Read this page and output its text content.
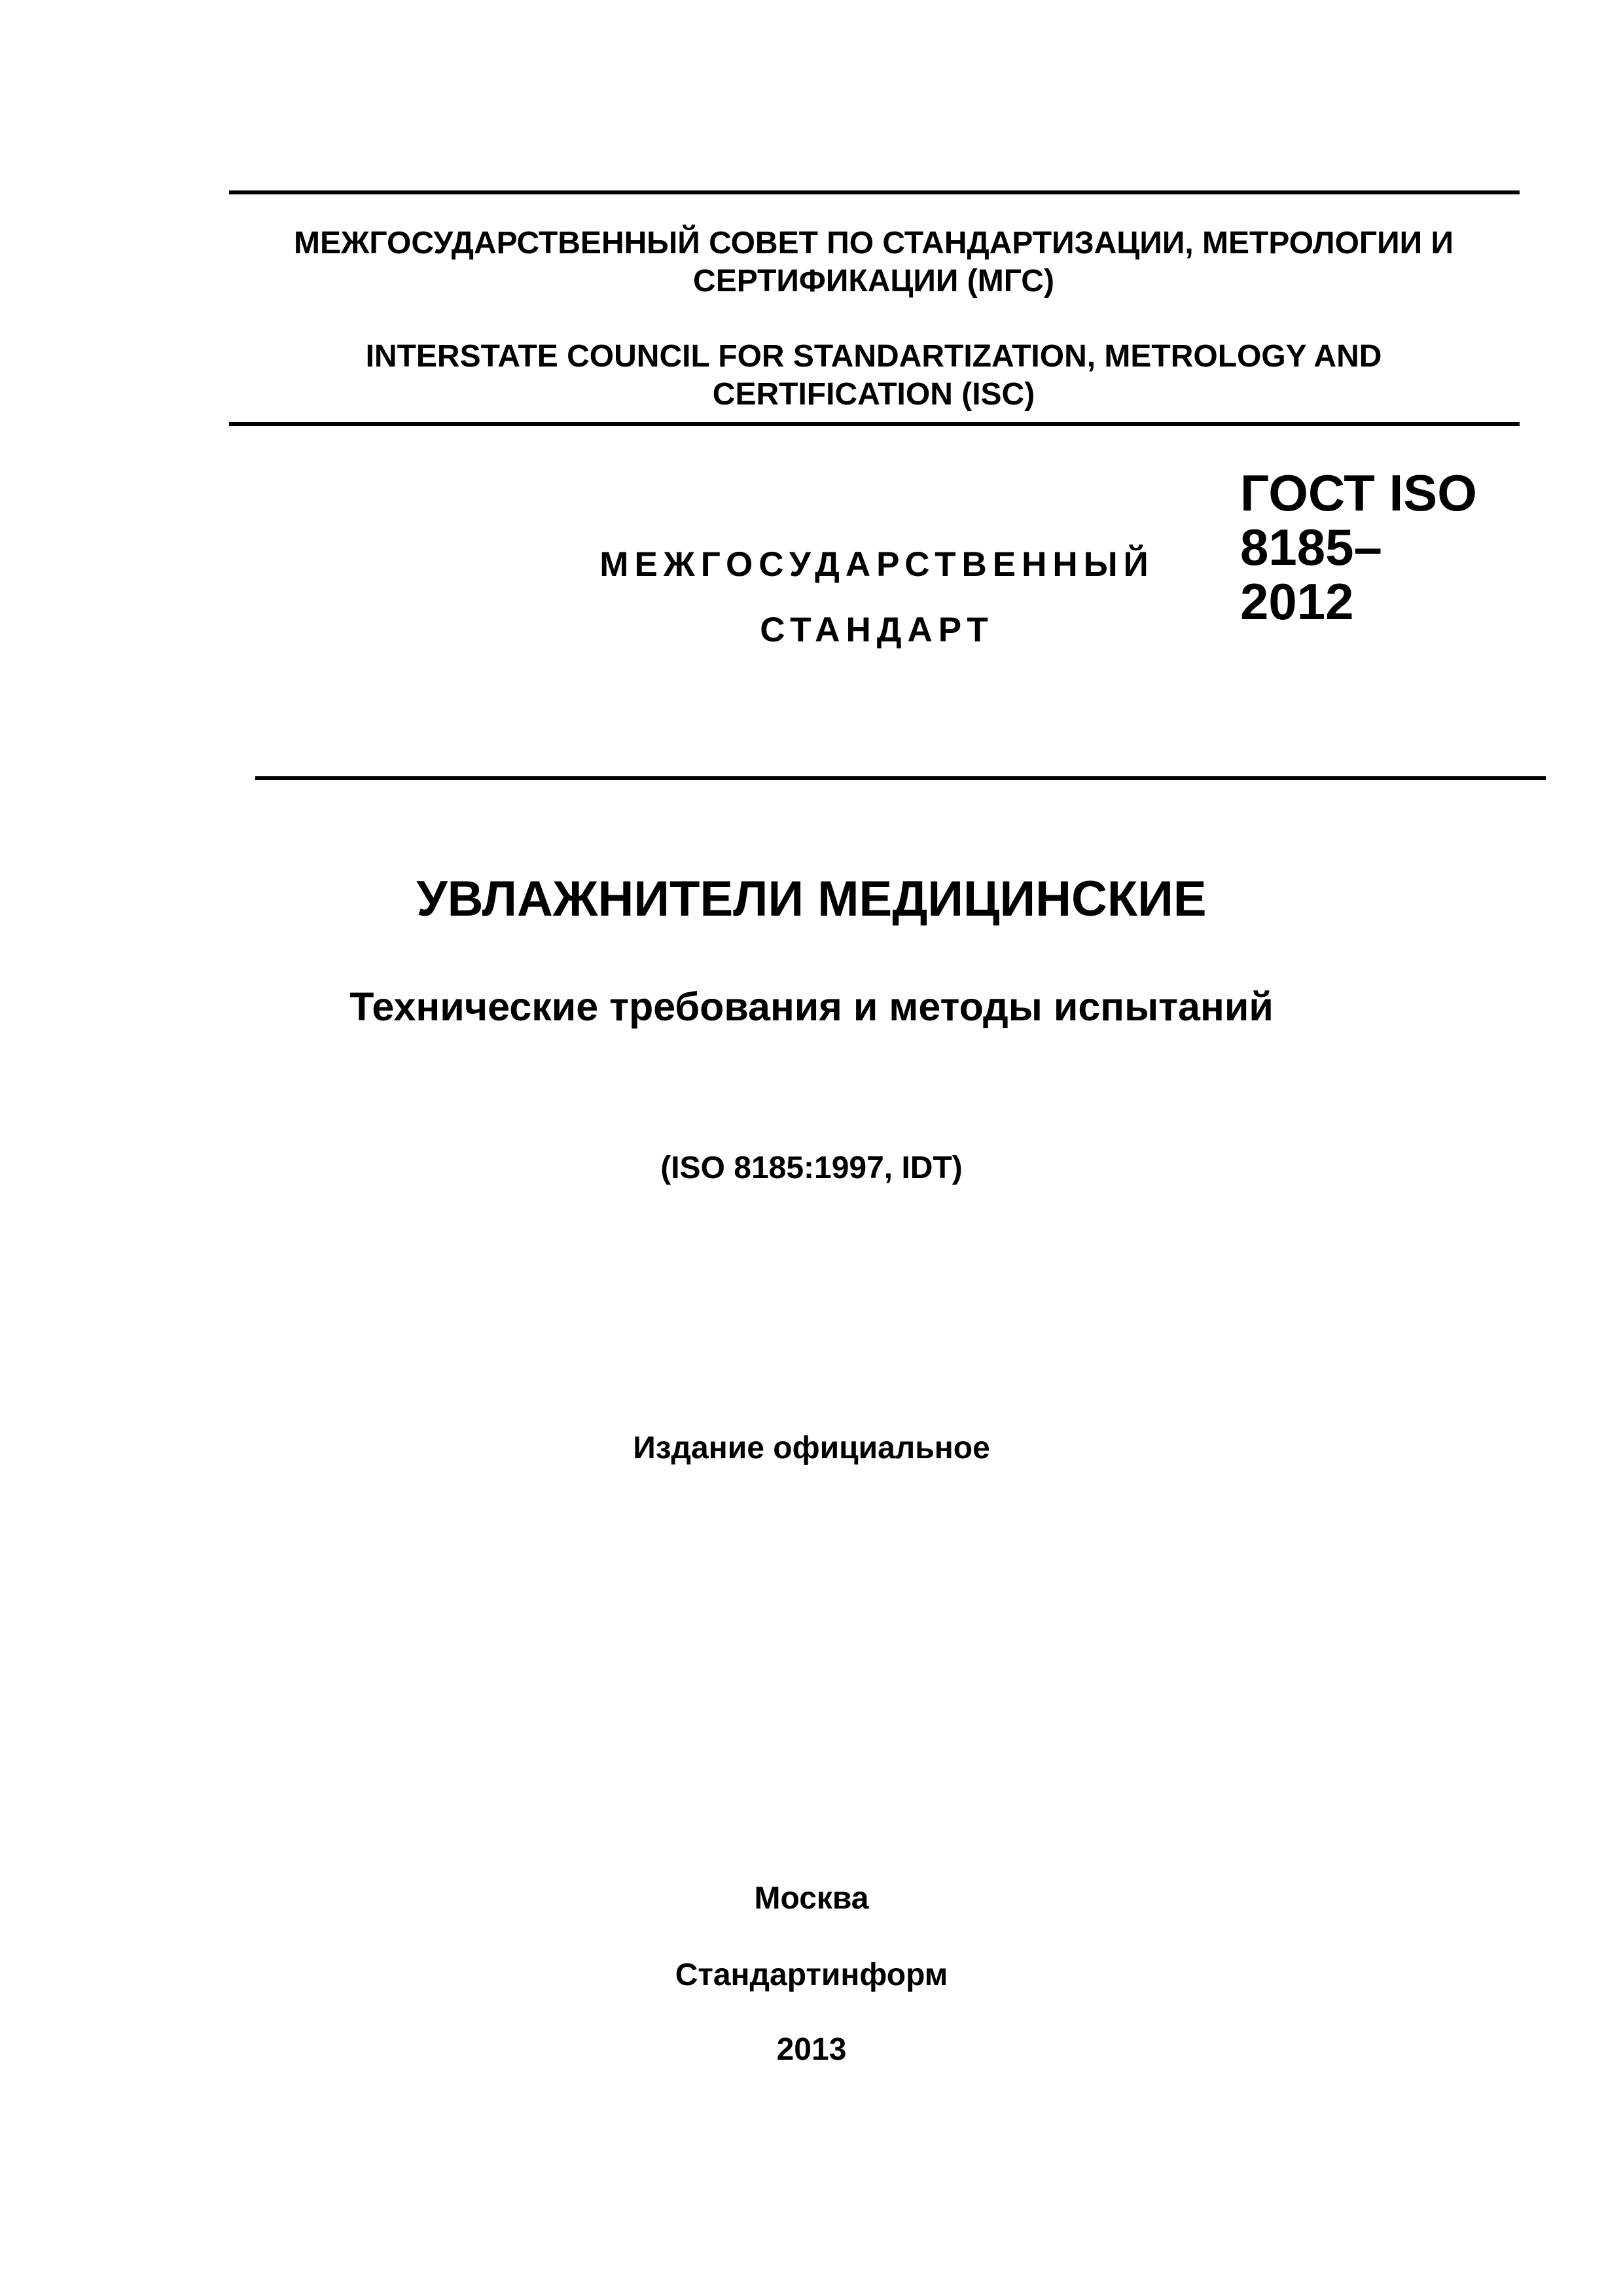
МЕЖГОСУДАРСТВЕННЫЙ СОВЕТ ПО СТАНДАРТИЗАЦИИ, МЕТРОЛОГИИ И
СЕРТИФИКАЦИИ (МГС)

INTERSTATE COUNCIL FOR STANDARTIZATION, METROLOGY AND
CERTIFICATION (ISC)

МЕЖГОСУДАРСТВЕННЫЙ

СТАНДАРТ

ГОСТ ISO
8185–
2012

УВЛАЖНИТЕЛИ МЕДИЦИНСКИЕ

Технические требования и методы испытаний

(ISO 8185:1997, IDT)

Издание официальное

Москва

Стандартинформ

2013
